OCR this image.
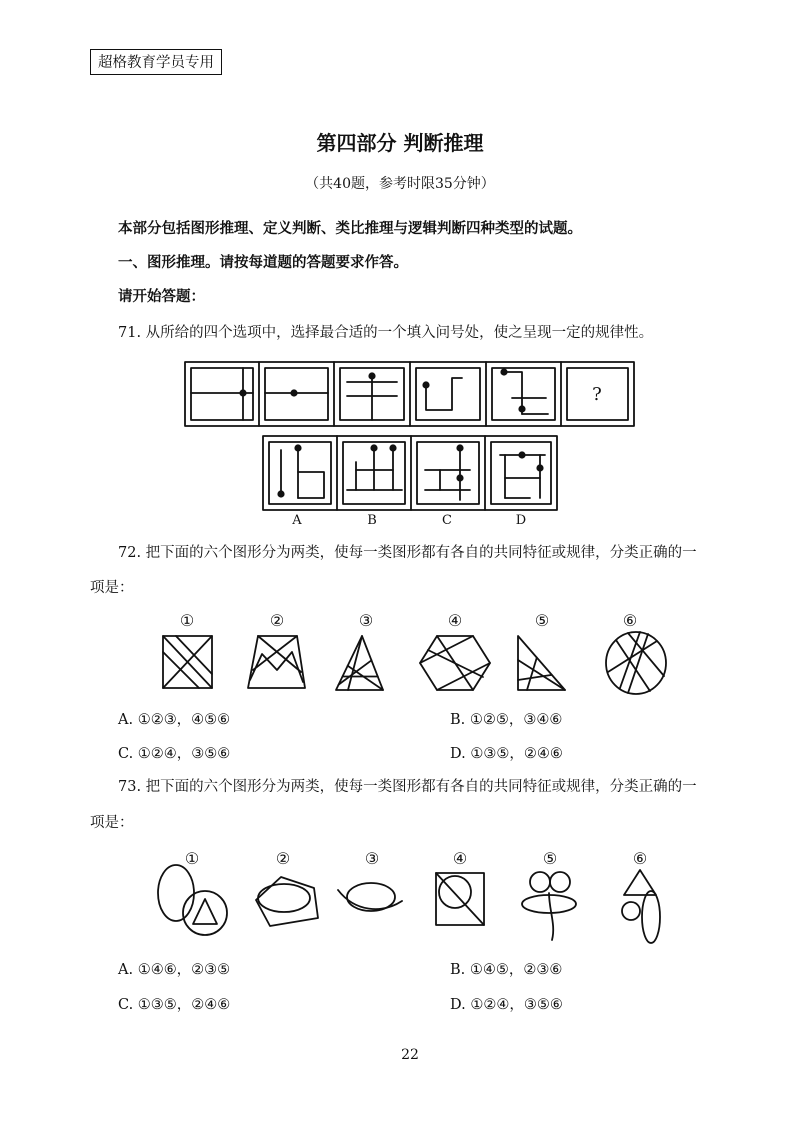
超格教育学员专用
第四部分 判断推理
（共40题，参考时限35分钟）
本部分包括图形推理、定义判断、类比推理与逻辑判断四种类型的试题。
一、图形推理。请按每道题的答题要求作答。
请开始答题：
71. 从所给的四个选项中，选择最合适的一个填入问号处，使之呈现一定的规律性。
72. 把下面的六个图形分为两类，使每一类图形都有各自的共同特征或规律，分类正确的一
项是：
A. ①②③，④⑤⑥	B. ①②⑤，③④⑥
C. ①②④，③⑤⑥	D. ①③⑤，②④⑥
73. 把下面的六个图形分为两类，使每一类图形都有各自的共同特征或规律，分类正确的一
项是：
A. ①④⑥，②③⑤	B. ①④⑤，②③⑥
C. ①③⑤，②④⑥	D. ①②④，③⑤⑥
22
?
A	B	C	D
①	②	③	④	⑤	⑥
①	②	③	④	⑤	⑥
